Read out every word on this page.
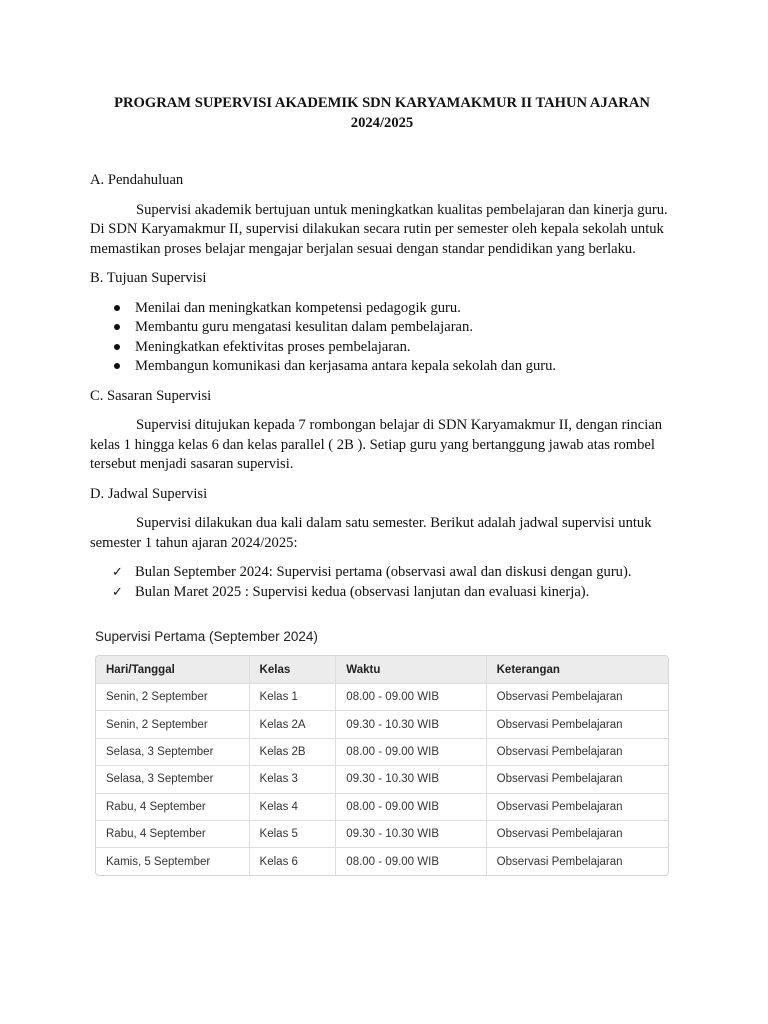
PROGRAM SUPERVISI AKADEMIK SDN KARYAMAKMUR II TAHUN AJARAN 2024/2025

A. Pendahuluan

Supervisi akademik bertujuan untuk meningkatkan kualitas pembelajaran dan kinerja guru. Di SDN Karyamakmur II, supervisi dilakukan secara rutin per semester oleh kepala sekolah untuk memastikan proses belajar mengajar berjalan sesuai dengan standar pendidikan yang berlaku.

B. Tujuan Supervisi

Menilai dan meningkatkan kompetensi pedagogik guru.
Membantu guru mengatasi kesulitan dalam pembelajaran.
Meningkatkan efektivitas proses pembelajaran.
Membangun komunikasi dan kerjasama antara kepala sekolah dan guru.

C. Sasaran Supervisi

Supervisi ditujukan kepada 7 rombongan belajar di SDN Karyamakmur II, dengan rincian kelas 1 hingga kelas 6 dan kelas parallel ( 2B ). Setiap guru yang bertanggung jawab atas rombel tersebut menjadi sasaran supervisi.

D. Jadwal Supervisi

Supervisi dilakukan dua kali dalam satu semester. Berikut adalah jadwal supervisi untuk semester 1 tahun ajaran 2024/2025:

✓ Bulan September 2024: Supervisi pertama (observasi awal dan diskusi dengan guru).
✓ Bulan Maret 2025 : Supervisi kedua (observasi lanjutan dan evaluasi kinerja).
Supervisi Pertama (September 2024)
Hari/Tanggal	Kelas	Waktu	Keterangan
Senin, 2 September	Kelas 1	08.00 - 09.00 WIB	Observasi Pembelajaran
Senin, 2 September	Kelas 2A	09.30 - 10.30 WIB	Observasi Pembelajaran
Selasa, 3 September	Kelas 2B	08.00 - 09.00 WIB	Observasi Pembelajaran
Selasa, 3 September	Kelas 3	09.30 - 10.30 WIB	Observasi Pembelajaran
Rabu, 4 September	Kelas 4	08.00 - 09.00 WIB	Observasi Pembelajaran
Rabu, 4 September	Kelas 5	09.30 - 10.30 WIB	Observasi Pembelajaran
Kamis, 5 September	Kelas 6	08.00 - 09.00 WIB	Observasi Pembelajaran
